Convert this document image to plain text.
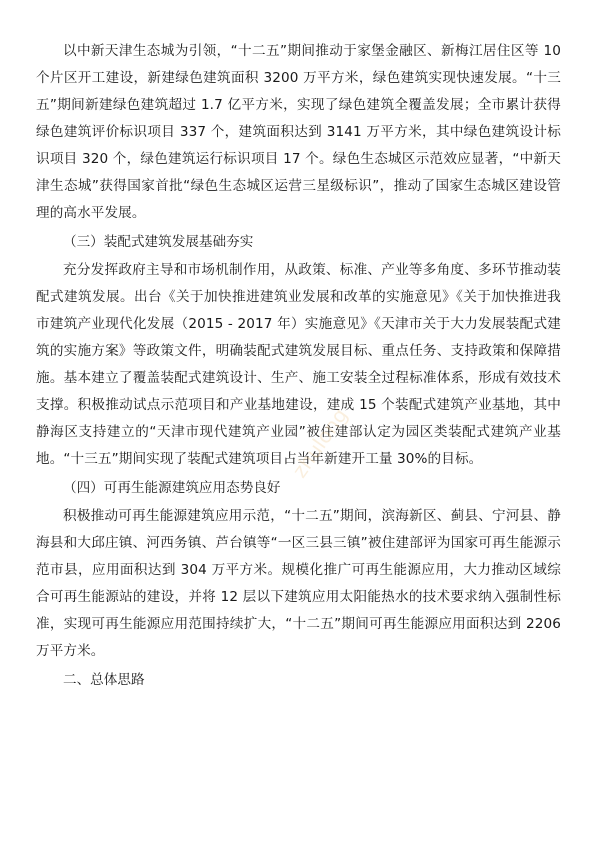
以中新天津生态城为引领，“十二五”期间推动于家堡金融区、新梅江居住区等 10 个片区开工建设，新建绿色建筑面积 3200 万平方米，绿色建筑实现快速发展。“十三五”期间新建绿色建筑超过 1.7 亿平方米，实现了绿色建筑全覆盖发展；全市累计获得绿色建筑评价标识项目 337 个，建筑面积达到 3141 万平方米，其中绿色建筑设计标识项目 320 个，绿色建筑运行标识项目 17 个。绿色生态城区示范效应显著，“中新天津生态城”获得国家首批“绿色生态城区运营三星级标识”，推动了国家生态城区建设管理的高水平发展。

（三）装配式建筑发展基础夯实

充分发挥政府主导和市场机制作用，从政策、标准、产业等多角度、多环节推动装配式建筑发展。出台《关于加快推进建筑业发展和改革的实施意见》《关于加快推进我市建筑产业现代化发展（2015 - 2017 年）实施意见》《天津市关于大力发展装配式建筑的实施方案》等政策文件，明确装配式建筑发展目标、重点任务、支持政策和保障措施。基本建立了覆盖装配式建筑设计、生产、施工安装全过程标准体系，形成有效技术支撑。积极推动试点示范项目和产业基地建设，建成 15 个装配式建筑产业基地，其中静海区支持建立的“天津市现代建筑产业园”被住建部认定为园区类装配式建筑产业基地。“十三五”期间实现了装配式建筑项目占当年新建开工量 30%的目标。

（四）可再生能源建筑应用态势良好

积极推动可再生能源建筑应用示范，“十二五”期间，滨海新区、蓟县、宁河县、静海县和大邱庄镇、河西务镇、芦台镇等“一区三县三镇”被住建部评为国家可再生能源示范市县，应用面积达到 304 万平方米。规模化推广可再生能源应用，大力推动区域综合可再生能源站的建设，并将 12 层以下建筑应用太阳能热水的技术要求纳入强制性标准，实现可再生能源应用范围持续扩大，“十二五”期间可再生能源应用面积达到 2206 万平方米。

二、总体思路

zhulong
